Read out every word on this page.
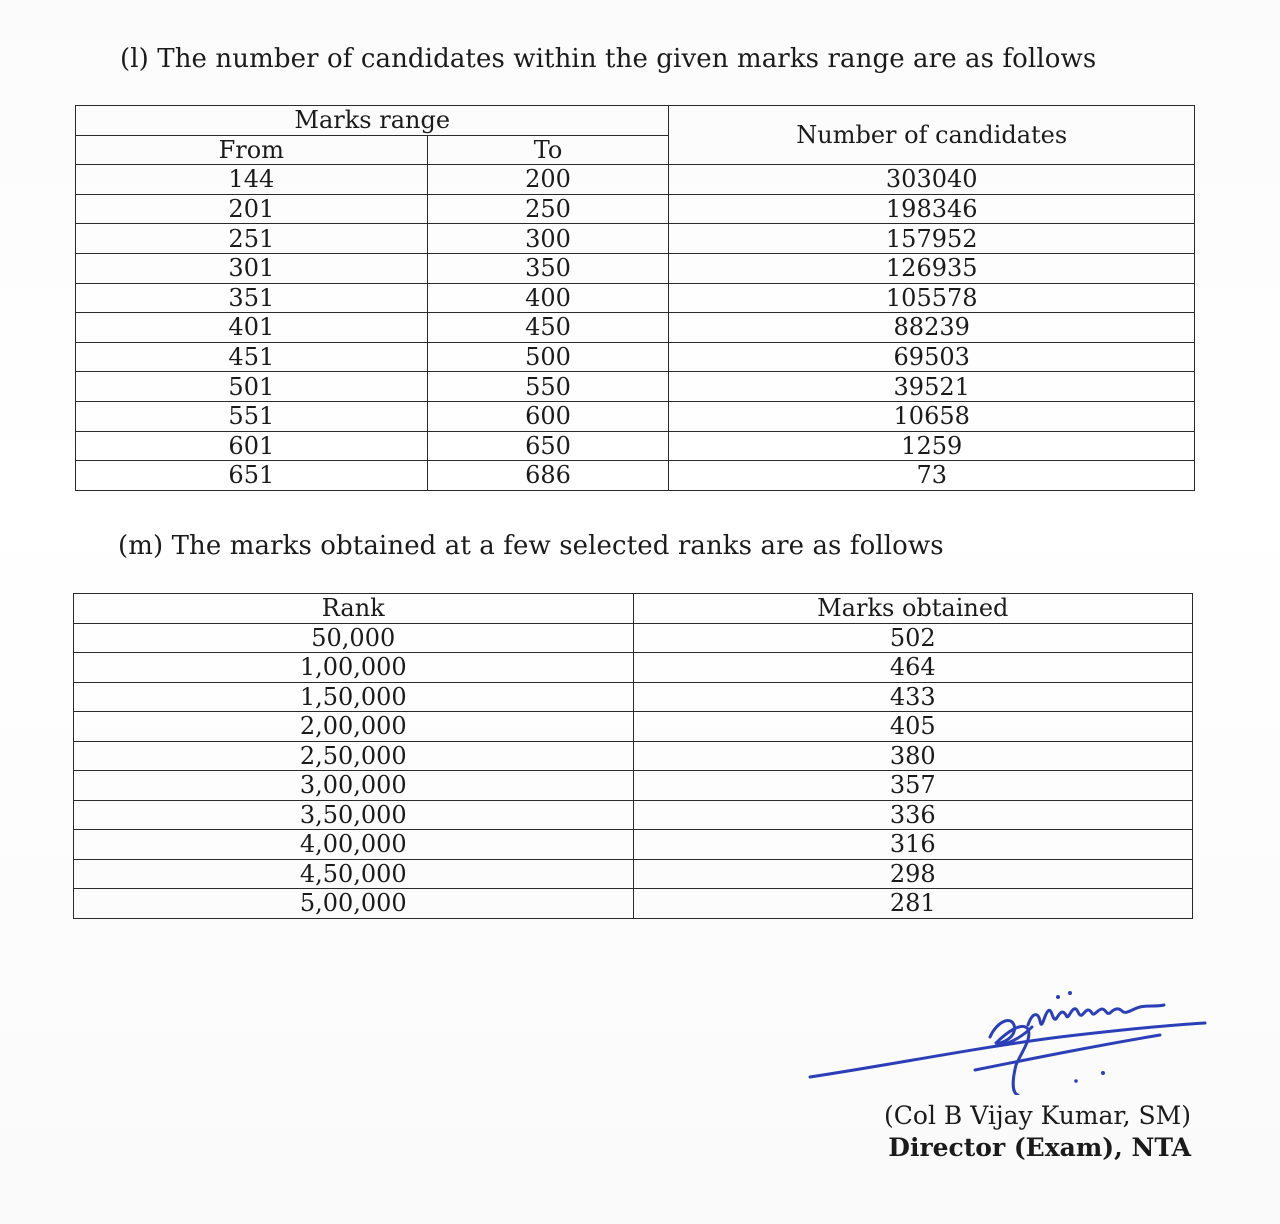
(l) The number of candidates within the given marks range are as follows
Marks range		Number of candidates
From	To	
144	200	303040
201	250	198346
251	300	157952
301	350	126935
351	400	105578
401	450	88239
451	500	69503
501	550	39521
551	600	10658
601	650	1259
651	686	73
(m) The marks obtained at a few selected ranks are as follows
Rank	Marks obtained
50,000	502
1,00,000	464
1,50,000	433
2,00,000	405
2,50,000	380
3,00,000	357
3,50,000	336
4,00,000	316
4,50,000	298
5,00,000	281
(Col B Vijay Kumar, SM)
Director (Exam), NTA
